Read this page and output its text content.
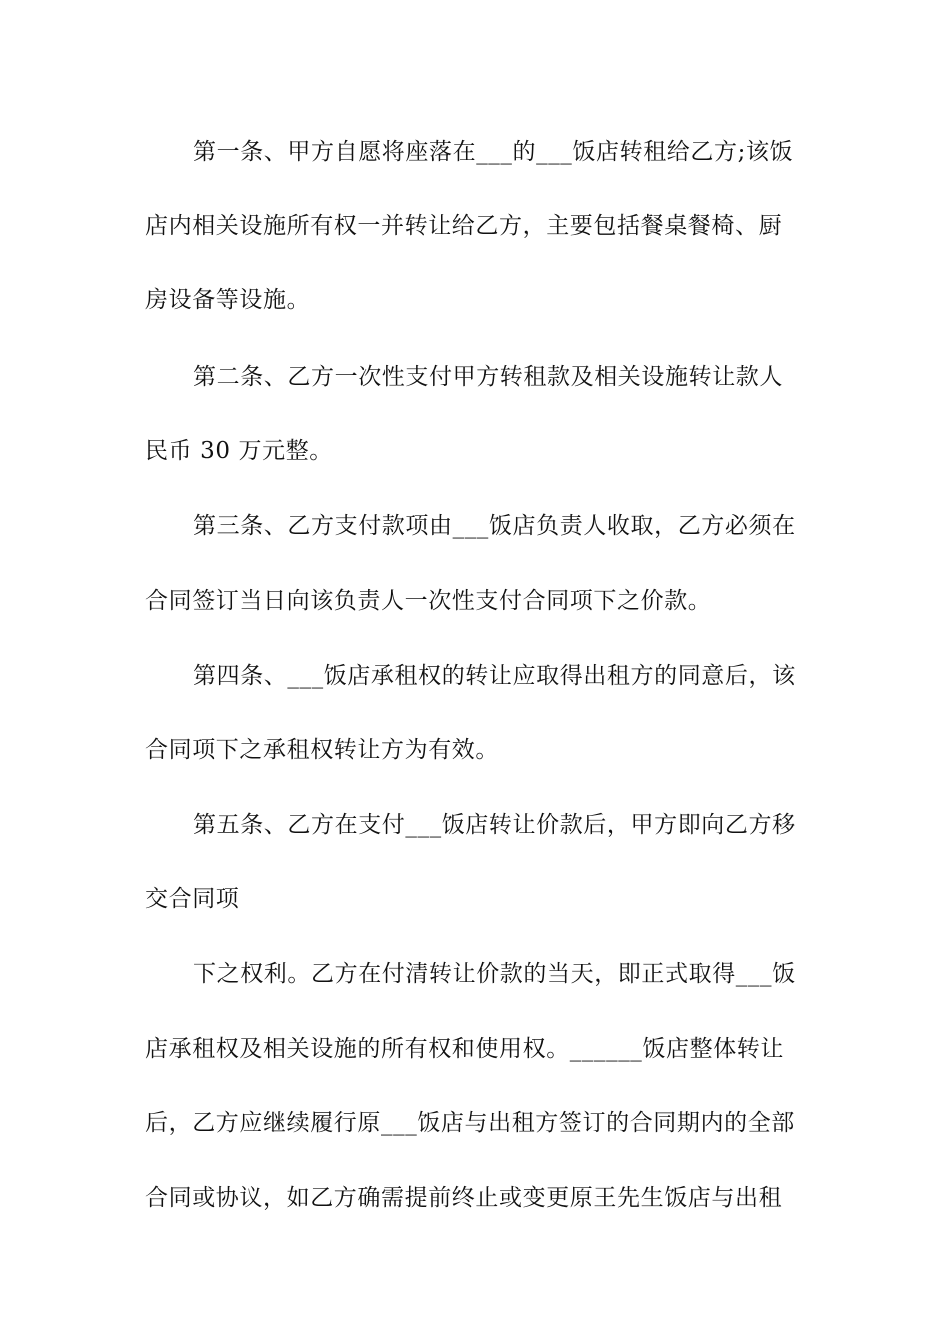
第一条、甲方自愿将座落在___的___饭店转租给乙方;该饭
店内相关设施所有权一并转让给乙方，主要包括餐桌餐椅、厨
房设备等设施。
第二条、乙方一次性支付甲方转租款及相关设施转让款人
民币 30 万元整。
第三条、乙方支付款项由___饭店负责人收取，乙方必须在
合同签订当日向该负责人一次性支付合同项下之价款。
第四条、___饭店承租权的转让应取得出租方的同意后，该
合同项下之承租权转让方为有效。
第五条、乙方在支付___饭店转让价款后，甲方即向乙方移
交合同项
下之权利。乙方在付清转让价款的当天，即正式取得___饭
店承租权及相关设施的所有权和使用权。______饭店整体转让
后，乙方应继续履行原___饭店与出租方签订的合同期内的全部
合同或协议，如乙方确需提前终止或变更原王先生饭店与出租
